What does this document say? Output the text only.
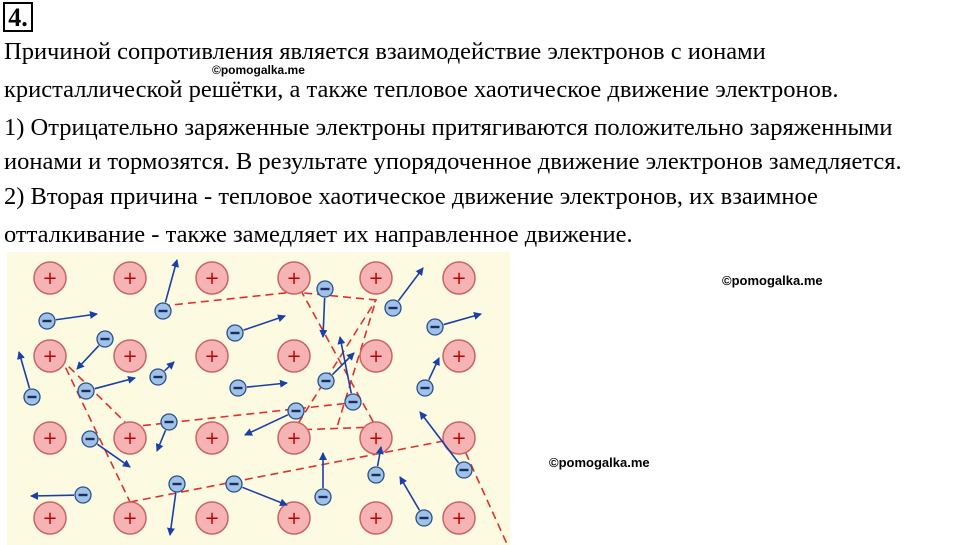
4.

Причиной сопротивления является взаимодействие электронов с ионами

кристаллической решётки, а также тепловое хаотическое движение электронов.

1) Отрицательно заряженные электроны притягиваются положительно заряженными

ионами и тормозятся. В результате упорядоченное движение электронов замедляется.

2) Вторая причина - тепловое хаотическое движение электронов, их взаимное

отталкивание - также замедляет их направленное движение.

©pomogalka.me
©pomogalka.me
©pomogalka.me
+	+	+	+	+	+
+	+	+	+	+	+
+	+	+	+	+	+
+	+	+	+	+	+
